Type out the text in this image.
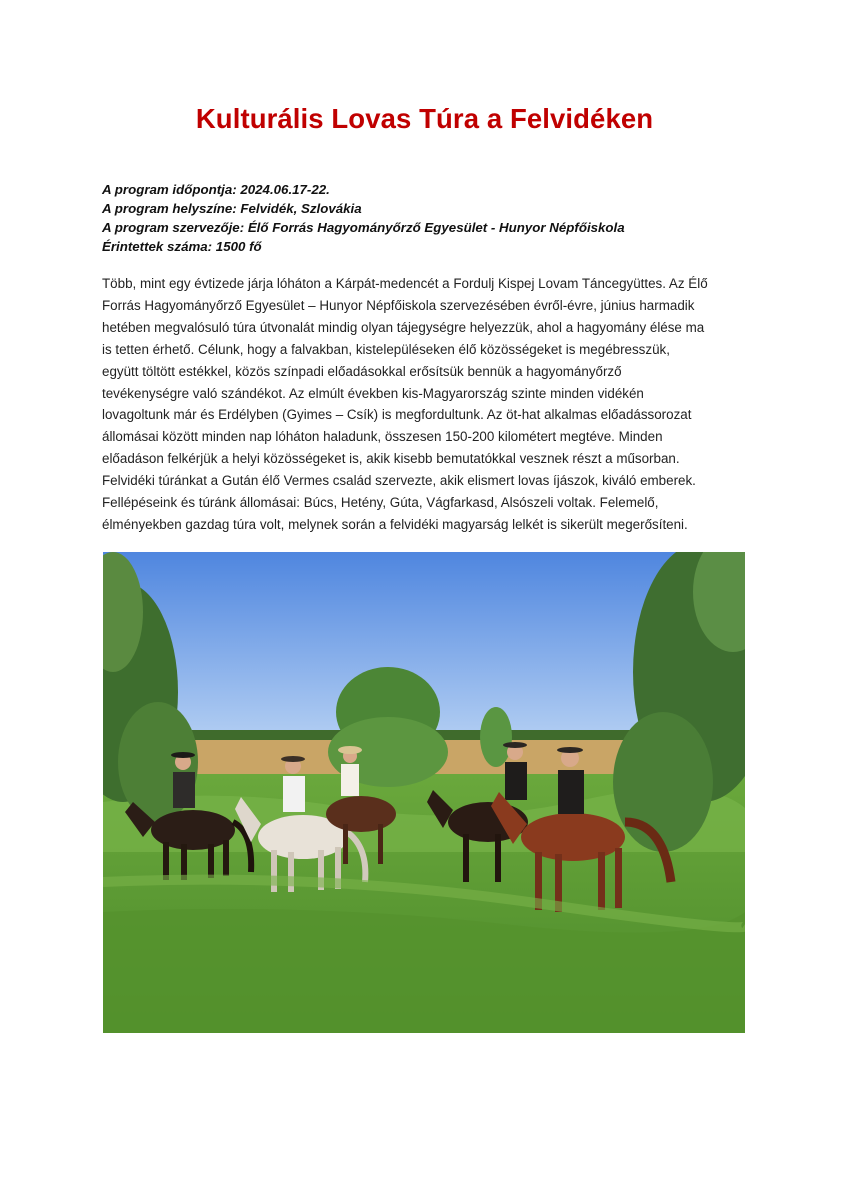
Kulturális Lovas Túra a Felvidéken
A program időpontja: 2024.06.17-22.
A program helyszíne: Felvidék, Szlovákia
A program szervezője: Élő Forrás Hagyományőrző Egyesület - Hunyor Népfőiskola
Érintettek száma: 1500 fő
Több, mint egy évtizede járja lóháton a Kárpát-medencét a Fordulj Kispej Lovam Táncegyüttes. Az Élő
Forrás Hagyományőrző Egyesület – Hunyor Népfőiskola szervezésében évről-évre, június harmadik
hetében megvalósuló túra útvonalát mindig olyan tájegységre helyezzük, ahol a hagyomány élése ma
is tetten érhető. Célunk, hogy a falvakban, kistelepüléseken élő közösségeket is megébresszük,
együtt töltött estékkel, közös színpadi előadásokkal erősítsük bennük a hagyományőrző
tevékenységre való szándékot. Az elmúlt években kis-Magyarország szinte minden vidékén
lovagoltunk már és Erdélyben (Gyimes – Csík) is megfordultunk. Az öt-hat alkalmas előadássorozat
állomásai között minden nap lóháton haladunk, összesen 150-200 kilométert megtéve. Minden
előadáson felkérjük a helyi közösségeket is, akik kisebb bemutatókkal vesznek részt a műsorban.
Felvidéki túránkat a Gután élő Vermes család szervezte, akik elismert lovas íjászok, kiváló emberek.
Fellépéseink és túránk állomásai: Búcs, Hetény, Gúta, Vágfarkasd, Alsószeli voltak. Felemelő,
élményekben gazdag túra volt, melynek során a felvidéki magyarság lelkét is sikerült megerősíteni.
